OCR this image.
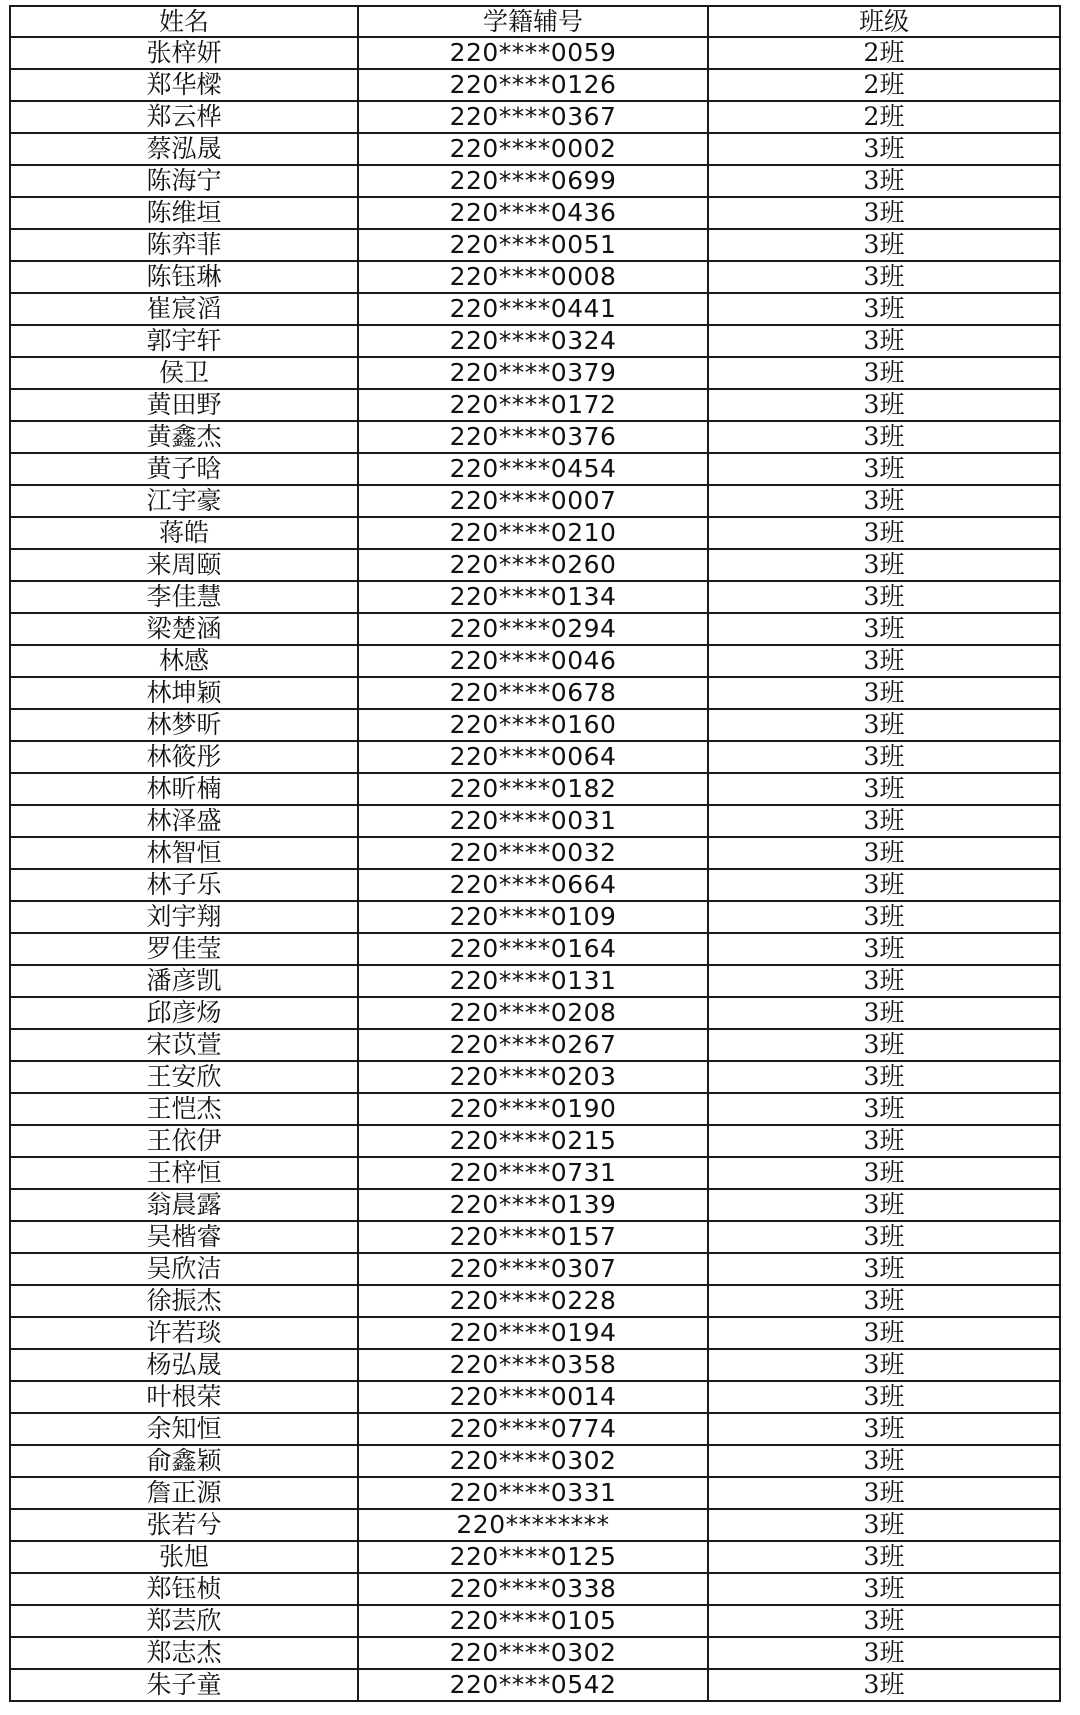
姓名	学籍辅号	班级
张梓妍	220****0059	2班
郑华樑	220****0126	2班
郑云桦	220****0367	2班
蔡泓晟	220****0002	3班
陈海宁	220****0699	3班
陈维垣	220****0436	3班
陈弈菲	220****0051	3班
陈钰琳	220****0008	3班
崔宸滔	220****0441	3班
郭宇轩	220****0324	3班
侯卫	220****0379	3班
黄田野	220****0172	3班
黄鑫杰	220****0376	3班
黄子晗	220****0454	3班
江宇豪	220****0007	3班
蒋皓	220****0210	3班
来周颐	220****0260	3班
李佳慧	220****0134	3班
梁楚涵	220****0294	3班
林感	220****0046	3班
林坤颖	220****0678	3班
林梦昕	220****0160	3班
林筱彤	220****0064	3班
林昕楠	220****0182	3班
林泽盛	220****0031	3班
林智恒	220****0032	3班
林子乐	220****0664	3班
刘宇翔	220****0109	3班
罗佳莹	220****0164	3班
潘彦凯	220****0131	3班
邱彦炀	220****0208	3班
宋苡萱	220****0267	3班
王安欣	220****0203	3班
王恺杰	220****0190	3班
王依伊	220****0215	3班
王梓恒	220****0731	3班
翁晨露	220****0139	3班
吴楷睿	220****0157	3班
吴欣洁	220****0307	3班
徐振杰	220****0228	3班
许若琰	220****0194	3班
杨弘晟	220****0358	3班
叶根荣	220****0014	3班
余知恒	220****0774	3班
俞鑫颖	220****0302	3班
詹正源	220****0331	3班
张若兮	220********	3班
张旭	220****0125	3班
郑钰桢	220****0338	3班
郑芸欣	220****0105	3班
郑志杰	220****0302	3班
朱子童	220****0542	3班
